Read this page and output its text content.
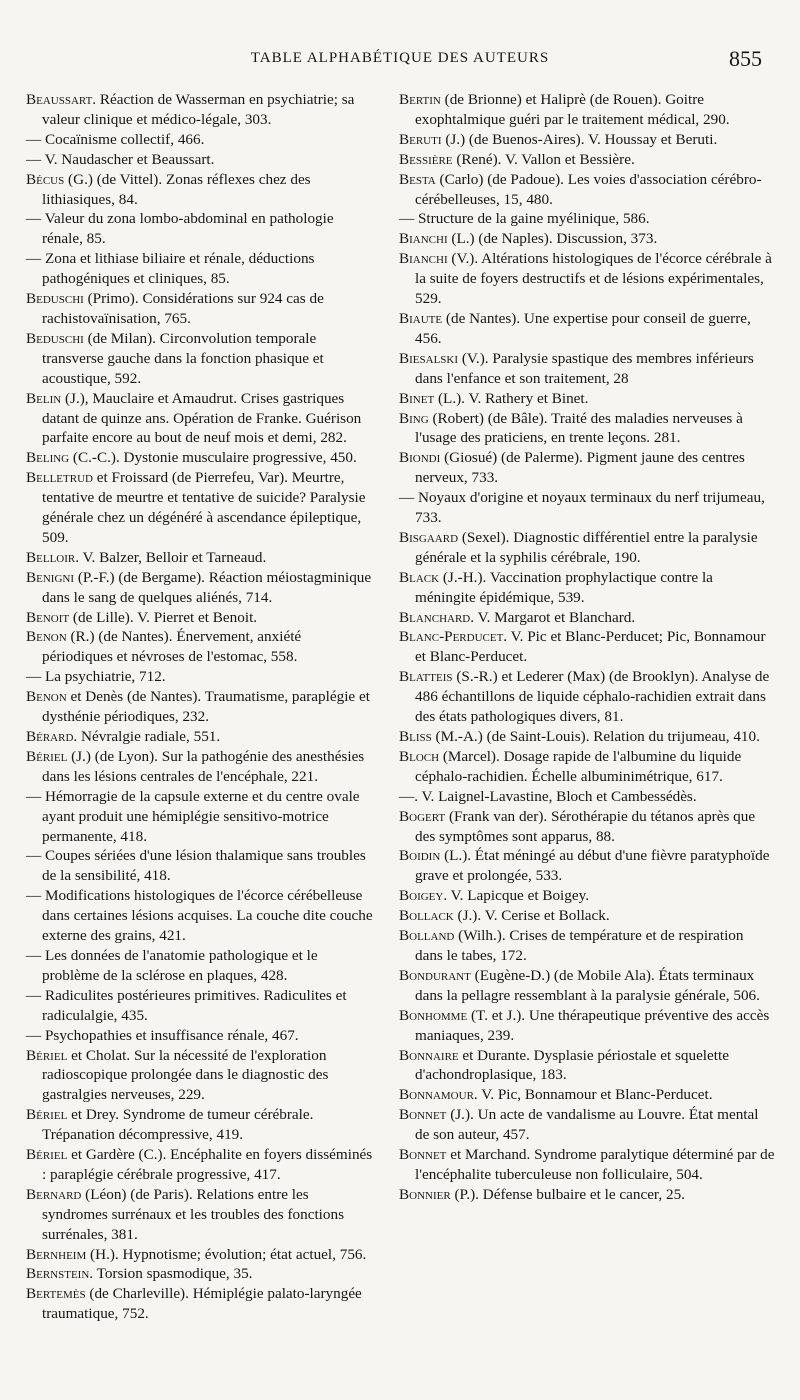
TABLE ALPHABÉTIQUE DES AUTEURS	855
Beaussart. Réaction de Wasserman en psychiatrie; sa valeur clinique et médico-légale, 303.
— Cocaïnisme collectif, 466.
— V. Naudascher et Beaussart.
Bécus (G.) (de Vittel). Zonas réflexes chez des lithiasiques, 84.
— Valeur du zona lombo-abdominal en pathologie rénale, 85.
— Zona et lithiase biliaire et rénale, déductions pathogéniques et cliniques, 85.
Beduschi (Primo). Considérations sur 924 cas de rachistovaïnisation, 765.
Beduschi (de Milan). Circonvolution temporale transverse gauche dans la fonction phasique et acoustique, 592.
Belin (J.), Mauclaire et Amaudrut. Crises gastriques datant de quinze ans. Opération de Franke. Guérison parfaite encore au bout de neuf mois et demi, 282.
Beling (C.-C.). Dystonie musculaire progressive, 450.
Belletrud et Froissard (de Pierrefeu, Var). Meurtre, tentative de meurtre et tentative de suicide? Paralysie générale chez un dégénéré à ascendance épileptique, 509.
Belloir. V. Balzer, Belloir et Tarneaud.
Benigni (P.-F.) (de Bergame). Réaction méiostagminique dans le sang de quelques aliénés, 714.
Benoit (de Lille). V. Pierret et Benoit.
Benon (R.) (de Nantes). Énervement, anxiété périodiques et névroses de l'estomac, 558.
— La psychiatrie, 712.
Benon et Denès (de Nantes). Traumatisme, paraplégie et dysthénie périodiques, 232.
Bérard. Névralgie radiale, 551.
Bériel (J.) (de Lyon). Sur la pathogénie des anesthésies dans les lésions centrales de l'encéphale, 221.
— Hémorragie de la capsule externe et du centre ovale ayant produit une hémiplégie sensitivo-motrice permanente, 418.
— Coupes sériées d'une lésion thalamique sans troubles de la sensibilité, 418.
— Modifications histologiques de l'écorce cérébelleuse dans certaines lésions acquises. La couche dite couche externe des grains, 421.
— Les données de l'anatomie pathologique et le problème de la sclérose en plaques, 428.
— Radiculites postérieures primitives. Radiculites et radiculalgie, 435.
— Psychopathies et insuffisance rénale, 467.
Bériel et Cholat. Sur la nécessité de l'exploration radioscopique prolongée dans le diagnostic des gastralgies nerveuses, 229.
Bériel et Drey. Syndrome de tumeur cérébrale. Trépanation décompressive, 419.
Bériel et Gardère (C.). Encéphalite en foyers disséminés : paraplégie cérébrale progressive, 417.
Bernard (Léon) (de Paris). Relations entre les syndromes surrénaux et les troubles des fonctions surrénales, 381.
Bernheim (H.). Hypnotisme; évolution; état actuel, 756.
Bernstein. Torsion spasmodique, 35.
Bertemès (de Charleville). Hémiplégie palato-laryngée traumatique, 752.
Bertin (de Brionne) et Haliprè (de Rouen). Goitre exophtalmique guéri par le traitement médical, 290.
Beruti (J.) (de Buenos-Aires). V. Houssay et Beruti.
Bessière (René). V. Vallon et Bessière.
Besta (Carlo) (de Padoue). Les voies d'association cérébro-cérébelleuses, 15, 480.
— Structure de la gaine myélinique, 586.
Bianchi (L.) (de Naples). Discussion, 373.
Bianchi (V.). Altérations histologiques de l'écorce cérébrale à la suite de foyers destructifs et de lésions expérimentales, 529.
Biaute (de Nantes). Une expertise pour conseil de guerre, 456.
Biesalski (V.). Paralysie spastique des membres inférieurs dans l'enfance et son traitement, 28
Binet (L.). V. Rathery et Binet.
Bing (Robert) (de Bâle). Traité des maladies nerveuses à l'usage des praticiens, en trente leçons. 281.
Biondi (Giosué) (de Palerme). Pigment jaune des centres nerveux, 733.
— Noyaux d'origine et noyaux terminaux du nerf trijumeau, 733.
Bisgaard (Sexel). Diagnostic différentiel entre la paralysie générale et la syphilis cérébrale, 190.
Black (J.-H.). Vaccination prophylactique contre la méningite épidémique, 539.
Blanchard. V. Margarot et Blanchard.
Blanc-Perducet. V. Pic et Blanc-Perducet; Pic, Bonnamour et Blanc-Perducet.
Blatteis (S.-R.) et Lederer (Max) (de Brooklyn). Analyse de 486 échantillons de liquide céphalo-rachidien extrait dans des états pathologiques divers, 81.
Bliss (M.-A.) (de Saint-Louis). Relation du trijumeau, 410.
Bloch (Marcel). Dosage rapide de l'albumine du liquide céphalo-rachidien. Échelle albuminimétrique, 617.
—. V. Laignel-Lavastine, Bloch et Cambessédès.
Bogert (Frank van der). Sérothérapie du tétanos après que des symptômes sont apparus, 88.
Boidin (L.). État méningé au début d'une fièvre paratyphoïde grave et prolongée, 533.
Boigey. V. Lapicque et Boigey.
Bollack (J.). V. Cerise et Bollack.
Bolland (Wilh.). Crises de température et de respiration dans le tabes, 172.
Bondurant (Eugène-D.) (de Mobile Ala). États terminaux dans la pellagre ressemblant à la paralysie générale, 506.
Bonhomme (T. et J.). Une thérapeutique préventive des accès maniaques, 239.
Bonnaire et Durante. Dysplasie périostale et squelette d'achondroplasique, 183.
Bonnamour. V. Pic, Bonnamour et Blanc-Perducet.
Bonnet (J.). Un acte de vandalisme au Louvre. État mental de son auteur, 457.
Bonnet et Marchand. Syndrome paralytique déterminé par de l'encéphalite tuberculeuse non folliculaire, 504.
Bonnier (P.). Défense bulbaire et le cancer, 25.
